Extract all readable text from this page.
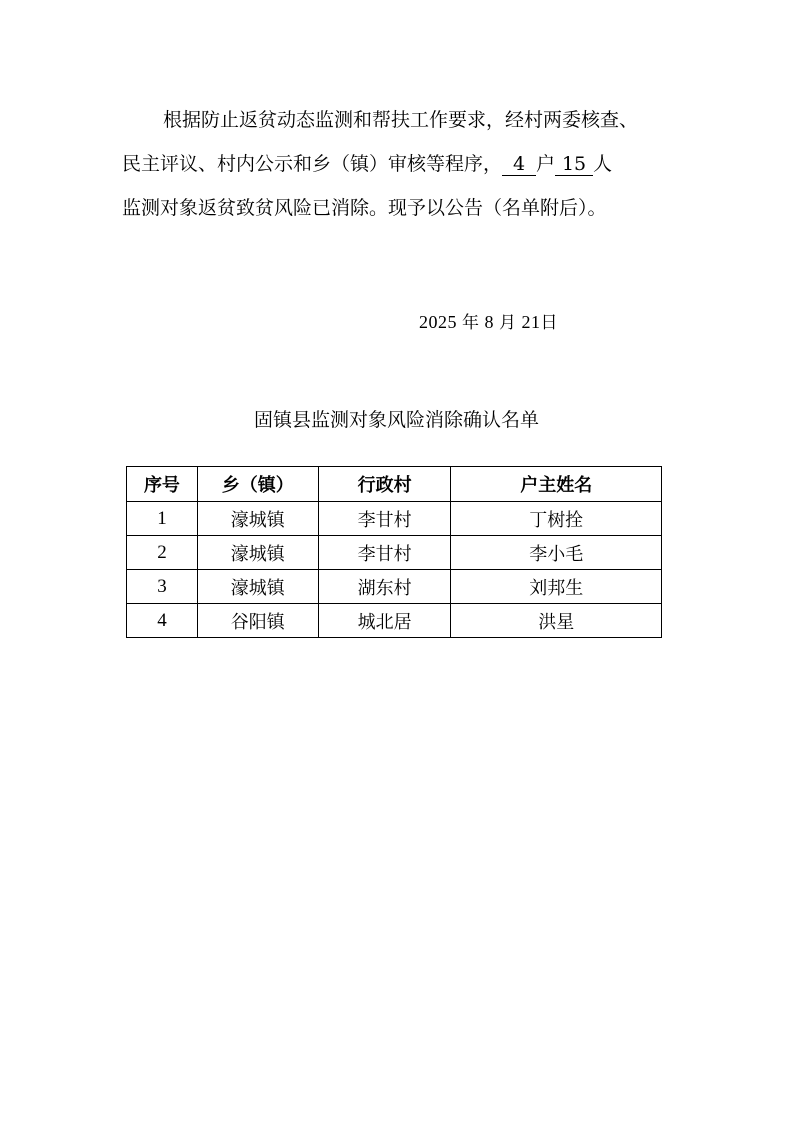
根据防止返贫动态监测和帮扶工作要求，经村两委核查、
民主评议、村内公示和乡（镇）审核等程序， 4 户 15 人
监测对象返贫致贫风险已消除。现予以公告（名单附后）。
2025 年 8 月 21日
固镇县监测对象风险消除确认名单
序号	乡（镇）	行政村	户主姓名
1	濠城镇	李甘村	丁树拴
2	濠城镇	李甘村	李小毛
3	濠城镇	湖东村	刘邦生
4	谷阳镇	城北居	洪星
